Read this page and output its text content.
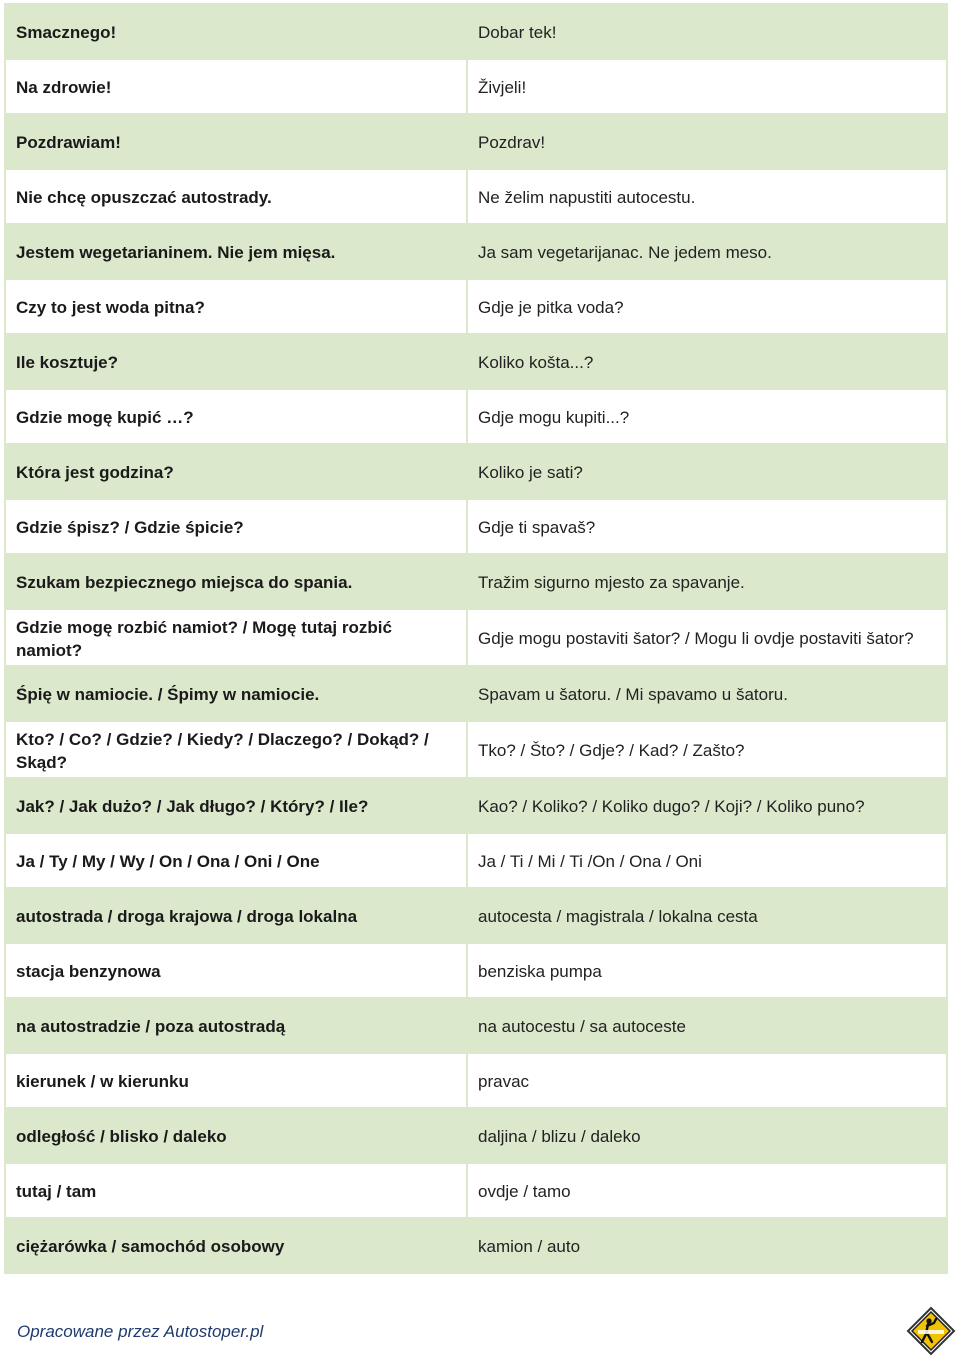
Smacznego!	Dobar tek!
Na zdrowie!	Živjeli!
Pozdrawiam!	Pozdrav!
Nie chcę opuszczać autostrady.	Ne želim napustiti autocestu.
Jestem wegetarianinem. Nie jem mięsa.	Ja sam vegetarijanac. Ne jedem meso.
Czy to jest woda pitna?	Gdje je pitka voda?
Ile kosztuje?	Koliko košta...?
Gdzie mogę kupić …?	Gdje mogu kupiti...?
Która jest godzina?	Koliko je sati?
Gdzie śpisz? / Gdzie śpicie?	Gdje ti spavaš?
Szukam bezpiecznego miejsca do spania.	Tražim sigurno mjesto za spavanje.
Gdzie mogę rozbić namiot? / Mogę tutaj rozbić namiot?	Gdje mogu postaviti šator? / Mogu li ovdje postaviti šator?
Śpię w namiocie. / Śpimy w namiocie.	Spavam u šatoru. / Mi spavamo u šatoru.
Kto? / Co? / Gdzie? / Kiedy? / Dlaczego? / Dokąd? / Skąd?	Tko? / Što? / Gdje? / Kad? / Zašto?
Jak? / Jak dużo? / Jak długo? / Który? / Ile?	Kao? / Koliko? / Koliko dugo? / Koji? / Koliko puno?
Ja / Ty / My / Wy / On / Ona / Oni / One	Ja / Ti / Mi / Ti /On / Ona / Oni
autostrada / droga krajowa / droga lokalna	autocesta / magistrala / lokalna cesta
stacja benzynowa	benziska pumpa
na autostradzie / poza autostradą	na autocestu / sa autoceste
kierunek / w kierunku	pravac
odległość / blisko / daleko	daljina / blizu / daleko
tutaj / tam	ovdje / tamo
ciężarówka / samochód osobowy	kamion / auto
Opracowane przez Autostoper.pl
